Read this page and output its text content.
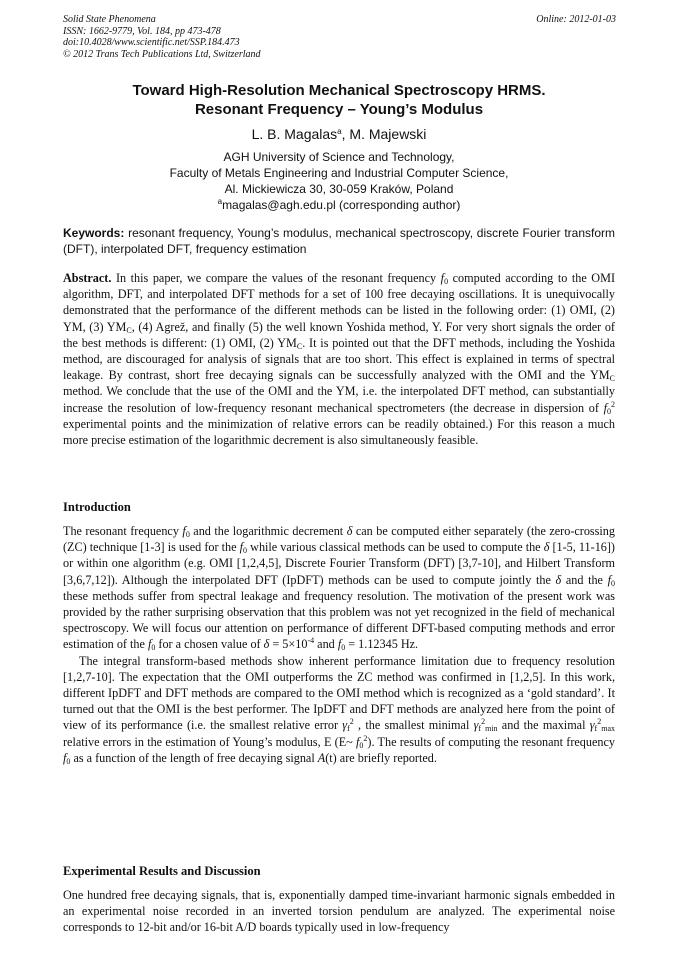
Solid State Phenomena
ISSN: 1662-9779, Vol. 184, pp 473-478
doi:10.4028/www.scientific.net/SSP.184.473
© 2012 Trans Tech Publications Ltd, Switzerland
Online: 2012-01-03
Toward High-Resolution Mechanical Spectroscopy HRMS.
Resonant Frequency – Young’s Modulus
L. B. Magalas$^a$, M. Majewski
AGH University of Science and Technology,
Faculty of Metals Engineering and Industrial Computer Science,
Al. Mickiewicza 30, 30-059 Kraków, Poland
$^a$magalas@agh.edu.pl (corresponding author)
Keywords: resonant frequency, Young’s modulus, mechanical spectroscopy, discrete Fourier transform (DFT), interpolated DFT, frequency estimation

Abstract. In this paper, we compare the values of the resonant frequency $f_0$ computed according to the OMI algorithm, DFT, and interpolated DFT methods for a set of 100 free decaying oscillations. It is unequivocally demonstrated that the performance of the different methods can be listed in the following order: (1) OMI, (2) YM, (3) $YM_C$, (4) Agrež, and finally (5) the well known Yoshida method, Y. For very short signals the order of the best methods is different: (1) OMI, (2) $YM_C$. It is pointed out that the DFT methods, including the Yoshida method, are discouraged for analysis of signals that are too short. This effect is explained in terms of spectral leakage. By contrast, short free decaying signals can be successfully analyzed with the OMI and the $YM_C$ method. We conclude that the use of the OMI and the YM, i.e. the interpolated DFT method, can substantially increase the resolution of low-frequency resonant mechanical spectrometers (the decrease in dispersion of $f_0^2$ experimental points and the minimization of relative errors can be readily obtained.) For this reason a much more precise estimation of the logarithmic decrement is also simultaneously feasible.

Introduction

The resonant frequency $f_0$ and the logarithmic decrement δ can be computed either separately (the zero-crossing (ZC) technique [1-3] is used for the $f_0$ while various classical methods can be used to compute the δ [1-5, 11-16]) or within one algorithm (e.g. OMI [1,2,4,5], Discrete Fourier Transform (DFT) [3,7-10], and Hilbert Transform [3,6,7,12]). Although the interpolated DFT (IpDFT) methods can be used to compute jointly the δ and the $f_0$ these methods suffer from spectral leakage and frequency resolution. The motivation of the present work was provided by the rather surprising observation that this problem was not yet recognized in the field of mechanical spectroscopy. We will focus our attention on performance of different DFT-based computing methods and error estimation of the $f_0$ for a chosen value of $\delta = 5\times 10^{-4}$ and $f_0 = 1.12345$ Hz.

The integral transform-based methods show inherent performance limitation due to frequency resolution [1,2,7-10]. The expectation that the OMI outperforms the ZC method was confirmed in [1,2,5]. In this work, different IpDFT and DFT methods are compared to the OMI method which is recognized as a ‘gold standard’. It turned out that the OMI is the best performer. The IpDFT and DFT methods are analyzed here from the point of view of its performance (i.e. the smallest relative error $\gamma_f^2$ , the smallest minimal $\gamma_f^2_{min}$ and the maximal $\gamma_f^2_{max}$ relative errors in the estimation of Young’s modulus, E (E~ $f_0^2$). The results of computing the resonant frequency $f_0$ as a function of the length of free decaying signal A(t) are briefly reported.

Experimental Results and Discussion

One hundred free decaying signals, that is, exponentially damped time-invariant harmonic signals embedded in an experimental noise recorded in an inverted torsion pendulum are analyzed. The experimental noise corresponds to 12-bit and/or 16-bit A/D boards typically used in low-frequency
